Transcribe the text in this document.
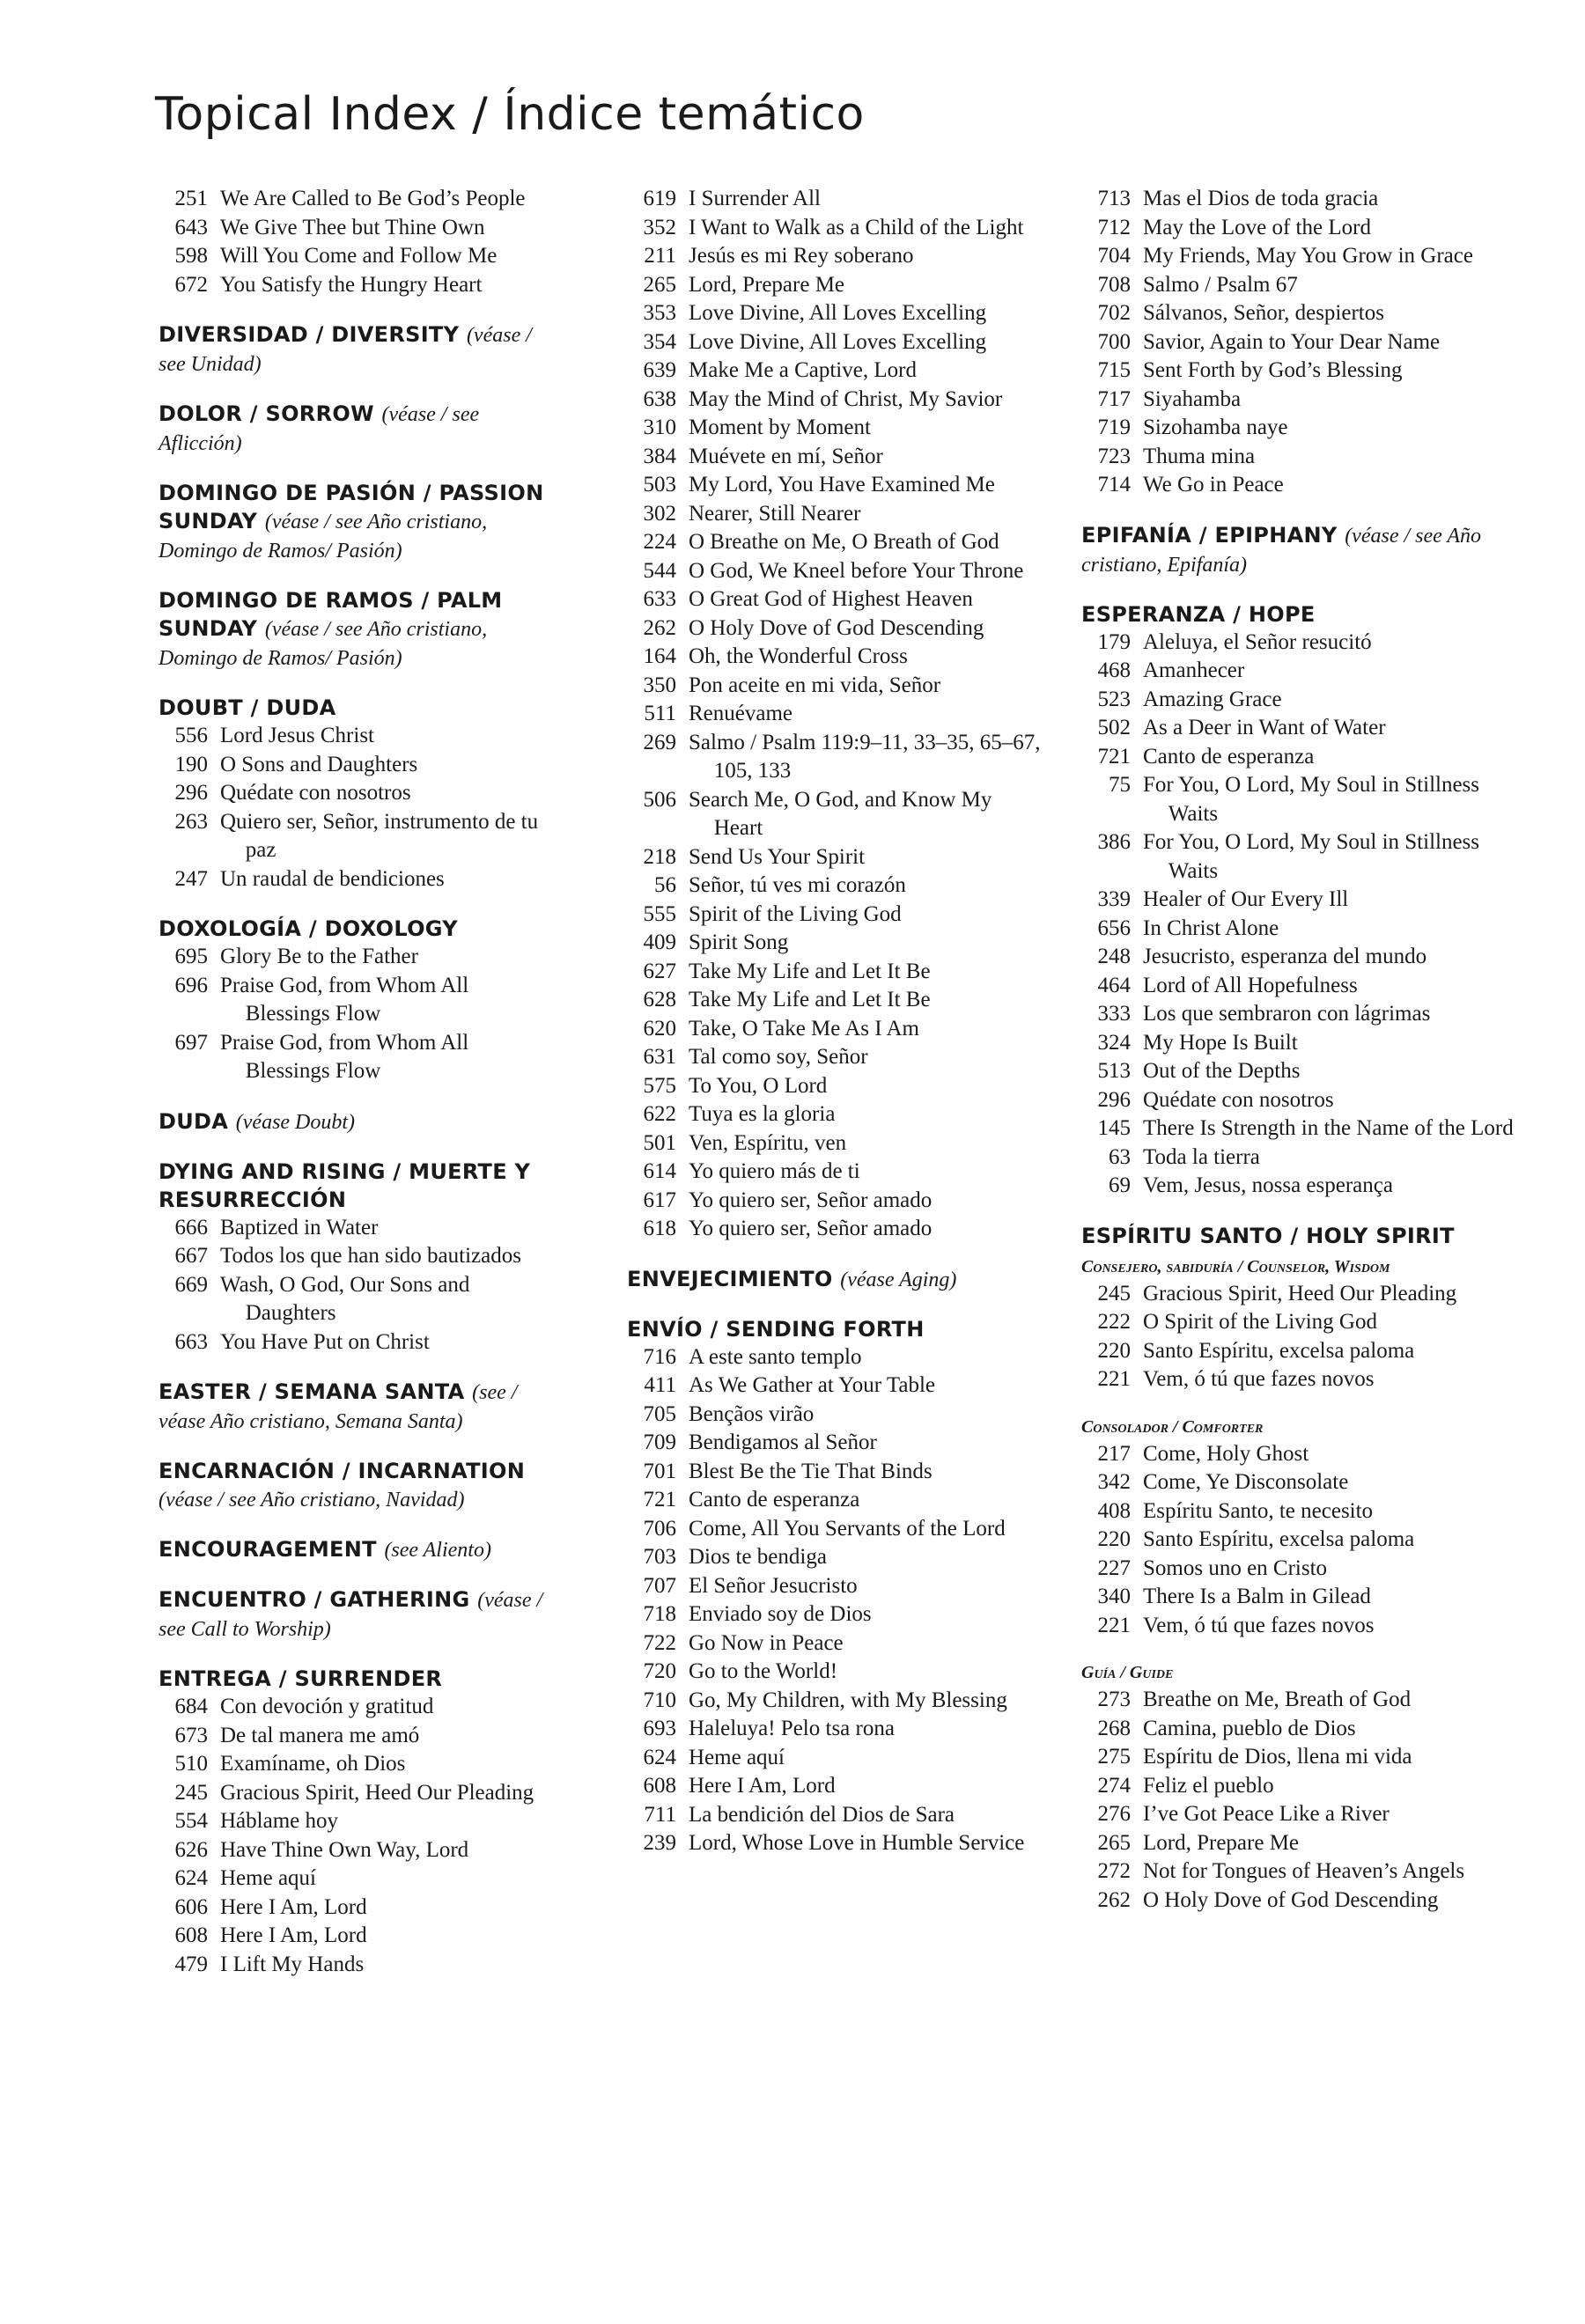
Topical Index / Índice temático
251 We Are Called to Be God’s People
643 We Give Thee but Thine Own
598 Will You Come and Follow Me
672 You Satisfy the Hungry Heart
DIVERSIDAD / DIVERSITY (véase / see Unidad)
DOLOR / SORROW (véase / see Aflicción)
DOMINGO DE PASIÓN / PASSION SUNDAY (véase / see Año cristiano, Domingo de Ramos/ Pasión)
DOMINGO DE RAMOS / PALM SUNDAY (véase / see Año cristiano, Domingo de Ramos/ Pasión)
DOUBT / DUDA
556 Lord Jesus Christ
190 O Sons and Daughters
296 Quédate con nosotros
263 Quiero ser, Señor, instrumento de tu paz
247 Un raudal de bendiciones
DOXOLOGÍA / DOXOLOGY
695 Glory Be to the Father
696 Praise God, from Whom All Blessings Flow
697 Praise God, from Whom All Blessings Flow
DUDA (véase Doubt)
DYING AND RISING / MUERTE Y RESURRECCIÓN
666 Baptized in Water
667 Todos los que han sido bautizados
669 Wash, O God, Our Sons and Daughters
663 You Have Put on Christ
EASTER / SEMANA SANTA (see / véase Año cristiano, Semana Santa)
ENCARNACIÓN / INCARNATION (véase / see Año cristiano, Navidad)
ENCOURAGEMENT (see Aliento)
ENCUENTRO / GATHERING (véase / see Call to Worship)
ENTREGA / SURRENDER
684 Con devoción y gratitud
673 De tal manera me amó
510 Examíname, oh Dios
245 Gracious Spirit, Heed Our Pleading
554 Háblame hoy
626 Have Thine Own Way, Lord
624 Heme aquí
606 Here I Am, Lord
608 Here I Am, Lord
479 I Lift My Hands
619 I Surrender All
352 I Want to Walk as a Child of the Light
211 Jesús es mi Rey soberano
265 Lord, Prepare Me
353 Love Divine, All Loves Excelling
354 Love Divine, All Loves Excelling
639 Make Me a Captive, Lord
638 May the Mind of Christ, My Savior
310 Moment by Moment
384 Muévete en mí, Señor
503 My Lord, You Have Examined Me
302 Nearer, Still Nearer
224 O Breathe on Me, O Breath of God
544 O God, We Kneel before Your Throne
633 O Great God of Highest Heaven
262 O Holy Dove of God Descending
164 Oh, the Wonderful Cross
350 Pon aceite en mi vida, Señor
511 Renuévame
269 Salmo / Psalm 119:9–11, 33–35, 65–67, 105, 133
506 Search Me, O God, and Know My Heart
218 Send Us Your Spirit
56 Señor, tú ves mi corazón
555 Spirit of the Living God
409 Spirit Song
627 Take My Life and Let It Be
628 Take My Life and Let It Be
620 Take, O Take Me As I Am
631 Tal como soy, Señor
575 To You, O Lord
622 Tuya es la gloria
501 Ven, Espíritu, ven
614 Yo quiero más de ti
617 Yo quiero ser, Señor amado
618 Yo quiero ser, Señor amado
ENVEJECIMIENTO (véase Aging)
ENVÍO / SENDING FORTH
716 A este santo templo
411 As We Gather at Your Table
705 Bençãos virão
709 Bendigamos al Señor
701 Blest Be the Tie That Binds
721 Canto de esperanza
706 Come, All You Servants of the Lord
703 Dios te bendiga
707 El Señor Jesucristo
718 Enviado soy de Dios
722 Go Now in Peace
720 Go to the World!
710 Go, My Children, with My Blessing
693 Haleluya! Pelo tsa rona
624 Heme aquí
608 Here I Am, Lord
711 La bendición del Dios de Sara
239 Lord, Whose Love in Humble Service
713 Mas el Dios de toda gracia
712 May the Love of the Lord
704 My Friends, May You Grow in Grace
708 Salmo / Psalm 67
702 Sálvanos, Señor, despiertos
700 Savior, Again to Your Dear Name
715 Sent Forth by God’s Blessing
717 Siyahamba
719 Sizohamba naye
723 Thuma mina
714 We Go in Peace
EPIFANÍA / EPIPHANY (véase / see Año cristiano, Epifanía)
ESPERANZA / HOPE
179 Aleluya, el Señor resucitó
468 Amanhecer
523 Amazing Grace
502 As a Deer in Want of Water
721 Canto de esperanza
75 For You, O Lord, My Soul in Stillness Waits
386 For You, O Lord, My Soul in Stillness Waits
339 Healer of Our Every Ill
656 In Christ Alone
248 Jesucristo, esperanza del mundo
464 Lord of All Hopefulness
333 Los que sembraron con lágrimas
324 My Hope Is Built
513 Out of the Depths
296 Quédate con nosotros
145 There Is Strength in the Name of the Lord
63 Toda la tierra
69 Vem, Jesus, nossa esperança
ESPÍRITU SANTO / HOLY SPIRIT
Consejero, sabiduría / Counselor, Wisdom
245 Gracious Spirit, Heed Our Pleading
222 O Spirit of the Living God
220 Santo Espíritu, excelsa paloma
221 Vem, ó tú que fazes novos
Consolador / Comforter
217 Come, Holy Ghost
342 Come, Ye Disconsolate
408 Espíritu Santo, te necesito
220 Santo Espíritu, excelsa paloma
227 Somos uno en Cristo
340 There Is a Balm in Gilead
221 Vem, ó tú que fazes novos
Guía / Guide
273 Breathe on Me, Breath of God
268 Camina, pueblo de Dios
275 Espíritu de Dios, llena mi vida
274 Feliz el pueblo
276 I’ve Got Peace Like a River
265 Lord, Prepare Me
272 Not for Tongues of Heaven’s Angels
262 O Holy Dove of God Descending
